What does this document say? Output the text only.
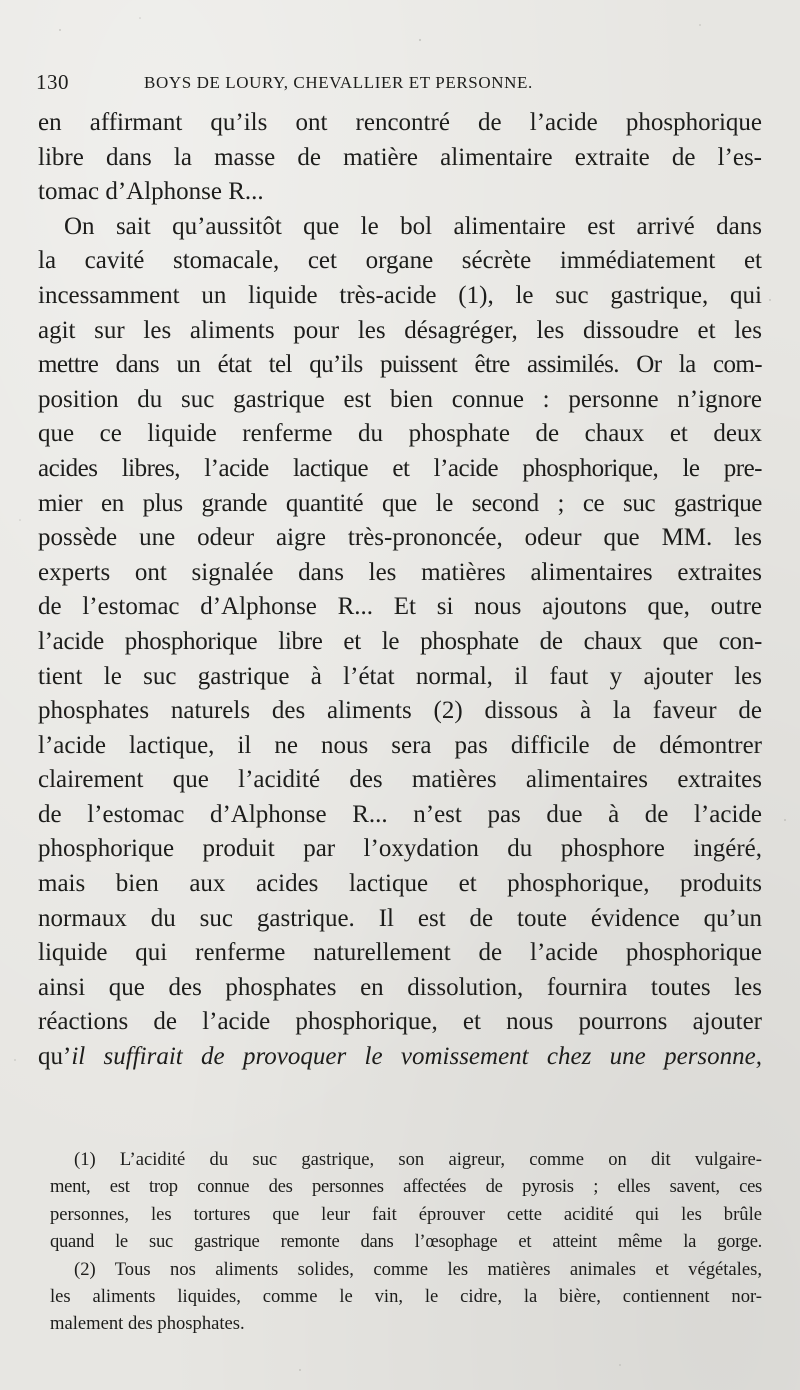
130	BOYS DE LOURY, CHEVALLIER ET PERSONNE.
en affirmant qu’ils ont rencontré de l’acide phosphorique
libre dans la masse de matière alimentaire extraite de l’es-
tomac d’Alphonse R...
On sait qu’aussitôt que le bol alimentaire est arrivé dans
la cavité stomacale, cet organe sécrète immédiatement et
incessamment un liquide très-acide (1), le suc gastrique, qui
agit sur les aliments pour les désagréger, les dissoudre et les
mettre dans un état tel qu’ils puissent être assimilés. Or la com-
position du suc gastrique est bien connue : personne n’ignore
que ce liquide renferme du phosphate de chaux et deux
acides libres, l’acide lactique et l’acide phosphorique, le pre-
mier en plus grande quantité que le second ; ce suc gastrique
possède une odeur aigre très-prononcée, odeur que MM. les
experts ont signalée dans les matières alimentaires extraites
de l’estomac d’Alphonse R... Et si nous ajoutons que, outre
l’acide phosphorique libre et le phosphate de chaux que con-
tient le suc gastrique à l’état normal, il faut y ajouter les
phosphates naturels des aliments (2) dissous à la faveur de
l’acide lactique, il ne nous sera pas difficile de démontrer
clairement que l’acidité des matières alimentaires extraites
de l’estomac d’Alphonse R... n’est pas due à de l’acide
phosphorique produit par l’oxydation du phosphore ingéré,
mais bien aux acides lactique et phosphorique, produits
normaux du suc gastrique. Il est de toute évidence qu’un
liquide qui renferme naturellement de l’acide phosphorique
ainsi que des phosphates en dissolution, fournira toutes les
réactions de l’acide phosphorique, et nous pourrons ajouter
qu’il suffirait de provoquer le vomissement chez une personne,
(1) L’acidité du suc gastrique, son aigreur, comme on dit vulgaire-
ment, est trop connue des personnes affectées de pyrosis ; elles savent, ces
personnes, les tortures que leur fait éprouver cette acidité qui les brûle
quand le suc gastrique remonte dans l’œsophage et atteint même la gorge.
(2) Tous nos aliments solides, comme les matières animales et végétales,
les aliments liquides, comme le vin, le cidre, la bière, contiennent nor-
malement des phosphates.
